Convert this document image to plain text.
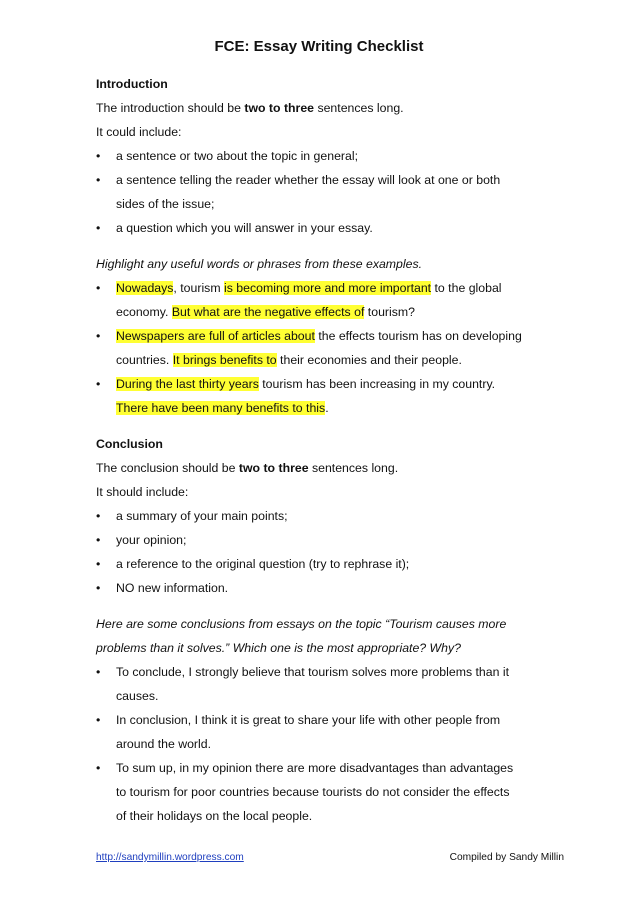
FCE: Essay Writing Checklist
Introduction
The introduction should be two to three sentences long.
It could include:
• a sentence or two about the topic in general;
• a sentence telling the reader whether the essay will look at one or both
sides of the issue;
• a question which you will answer in your essay.
Highlight any useful words or phrases from these examples.
• Nowadays, tourism is becoming more and more important to the global
economy. But what are the negative effects of tourism?
• Newspapers are full of articles about the effects tourism has on developing
countries. It brings benefits to their economies and their people.
• During the last thirty years tourism has been increasing in my country.
There have been many benefits to this.
Conclusion
The conclusion should be two to three sentences long.
It should include:
• a summary of your main points;
• your opinion;
• a reference to the original question (try to rephrase it);
• NO new information.
Here are some conclusions from essays on the topic “Tourism causes more
problems than it solves.” Which one is the most appropriate? Why?
• To conclude, I strongly believe that tourism solves more problems than it
causes.
• In conclusion, I think it is great to share your life with other people from
around the world.
• To sum up, in my opinion there are more disadvantages than advantages
to tourism for poor countries because tourists do not consider the effects
of their holidays on the local people.
http://sandymillin.wordpress.com	Compiled by Sandy Millin
